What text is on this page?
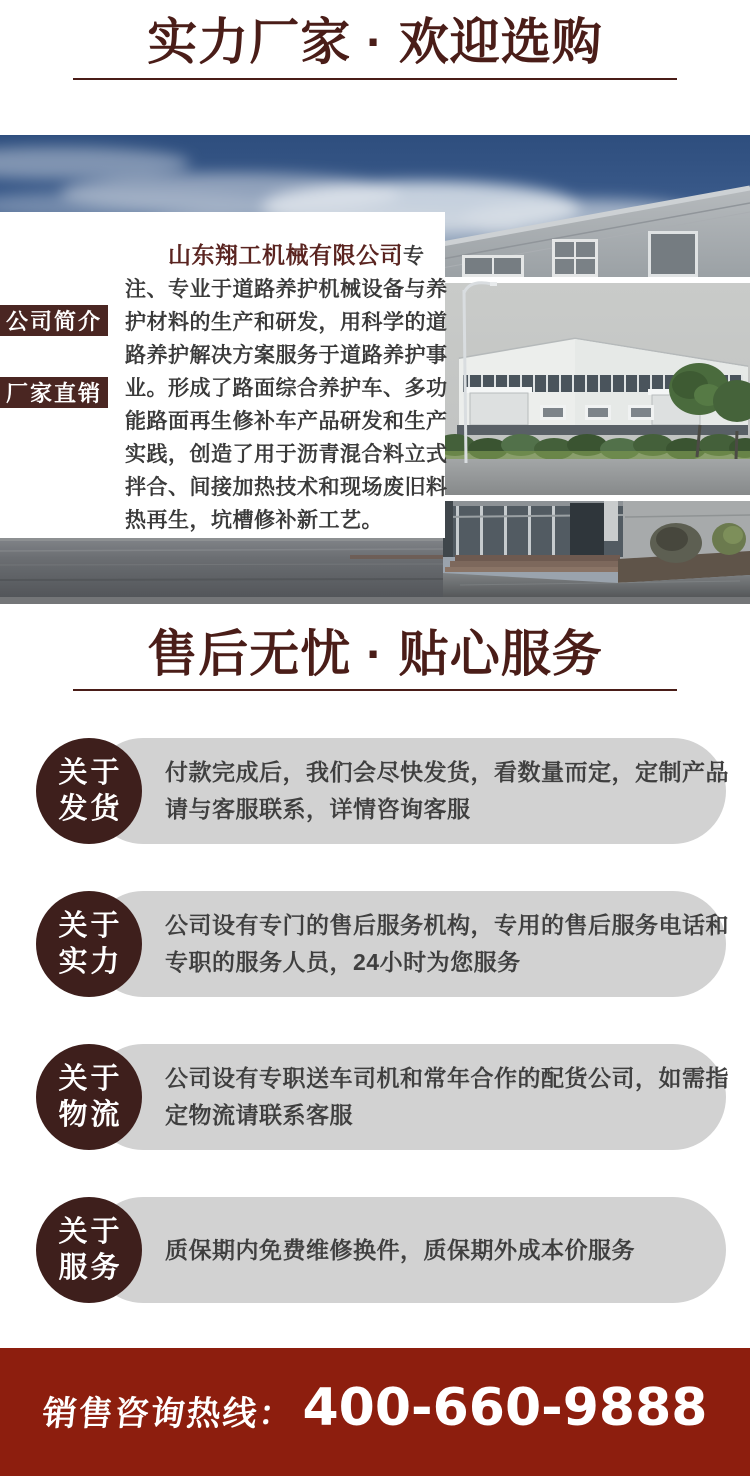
实力厂家 · 欢迎选购

山东翔工机械有限公司专

注、专业于道路养护机械设备与养

护材料的生产和研发，用科学的道

路养护解决方案服务于道路养护事

业。形成了路面综合养护车、多功

能路面再生修补车产品研发和生产

实践，创造了用于沥青混合料立式

拌合、间接加热技术和现场废旧料

热再生，坑槽修补新工艺。

公司简介
厂家直销
售后无忧 · 贴心服务

付款完成后，我们会尽快发货，看数量而定，定制产品

请与客服联系，详情咨询客服

关于
发货

公司设有专门的售后服务机构，专用的售后服务电话和

专职的服务人员，24小时为您服务

关于
实力

公司设有专职送车司机和常年合作的配货公司，如需指

定物流请联系客服

关于
物流

质保期内免费维修换件，质保期外成本价服务

关于
服务
销售咨询热线： 400-660-9888
